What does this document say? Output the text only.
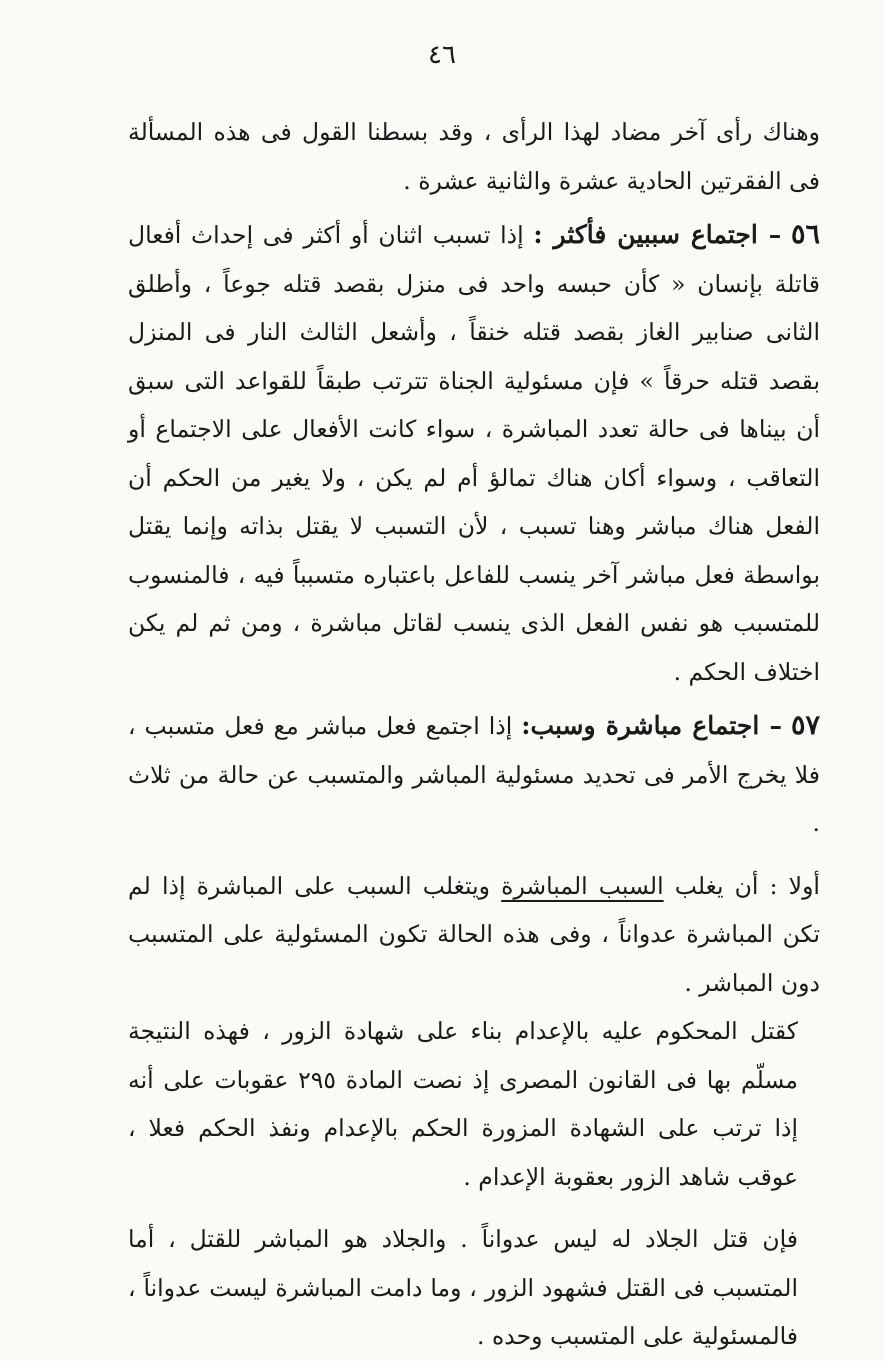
٤٦

وهناك رأى آخر مضاد لهذا الرأى ، وقد بسطنا القول فى هذه المسألة فى الفقرتين الحادية عشرة والثانية عشرة .

٥٦ – اجتماع سببين فأكثر : إذا تسبب اثنان أو أكثر فى إحداث أفعال قاتلة بإنسان « كأن حبسه واحد فى منزل بقصد قتله جوعاً ، وأطلق الثانى صنابير الغاز بقصد قتله خنقاً ، وأشعل الثالث النار فى المنزل بقصد قتله حرقاً » فإن مسئولية الجناة تترتب طبقاً للقواعد التى سبق أن بيناها فى حالة تعدد المباشرة ، سواء كانت الأفعال على الاجتماع أو التعاقب ، وسواء أكان هناك تمالؤ أم لم يكن ، ولا يغير من الحكم أن الفعل هناك مباشر وهنا تسبب ، لأن التسبب لا يقتل بذاته وإنما يقتل بواسطة فعل مباشر آخر ينسب للفاعل باعتباره متسبباً فيه ، فالمنسوب للمتسبب هو نفس الفعل الذى ينسب لقاتل مباشرة ، ومن ثم لم يكن اختلاف الحكم .

٥٧ – اجتماع مباشرة وسبب: إذا اجتمع فعل مباشر مع فعل متسبب ، فلا يخرج الأمر فى تحديد مسئولية المباشر والمتسبب عن حالة من ثلاث .

أولا : أن يغلب السبب المباشرة ويتغلب السبب على المباشرة إذا لم تكن المباشرة عدواناً ، وفى هذه الحالة تكون المسئولية على المتسبب دون المباشر .

كقتل المحكوم عليه بالإعدام بناء على شهادة الزور ، فهذه النتيجة مسلّم بها فى القانون المصرى إذ نصت المادة ٢٩٥ عقوبات على أنه إذا ترتب على الشهادة المزورة الحكم بالإعدام ونفذ الحكم فعلا ، عوقب شاهد الزور بعقوبة الإعدام .

فإن قتل الجلاد له ليس عدواناً . والجلاد هو المباشر للقتل ، أما المتسبب فى القتل فشهود الزور ، وما دامت المباشرة ليست عدواناً ، فالمسئولية على المتسبب وحده .
